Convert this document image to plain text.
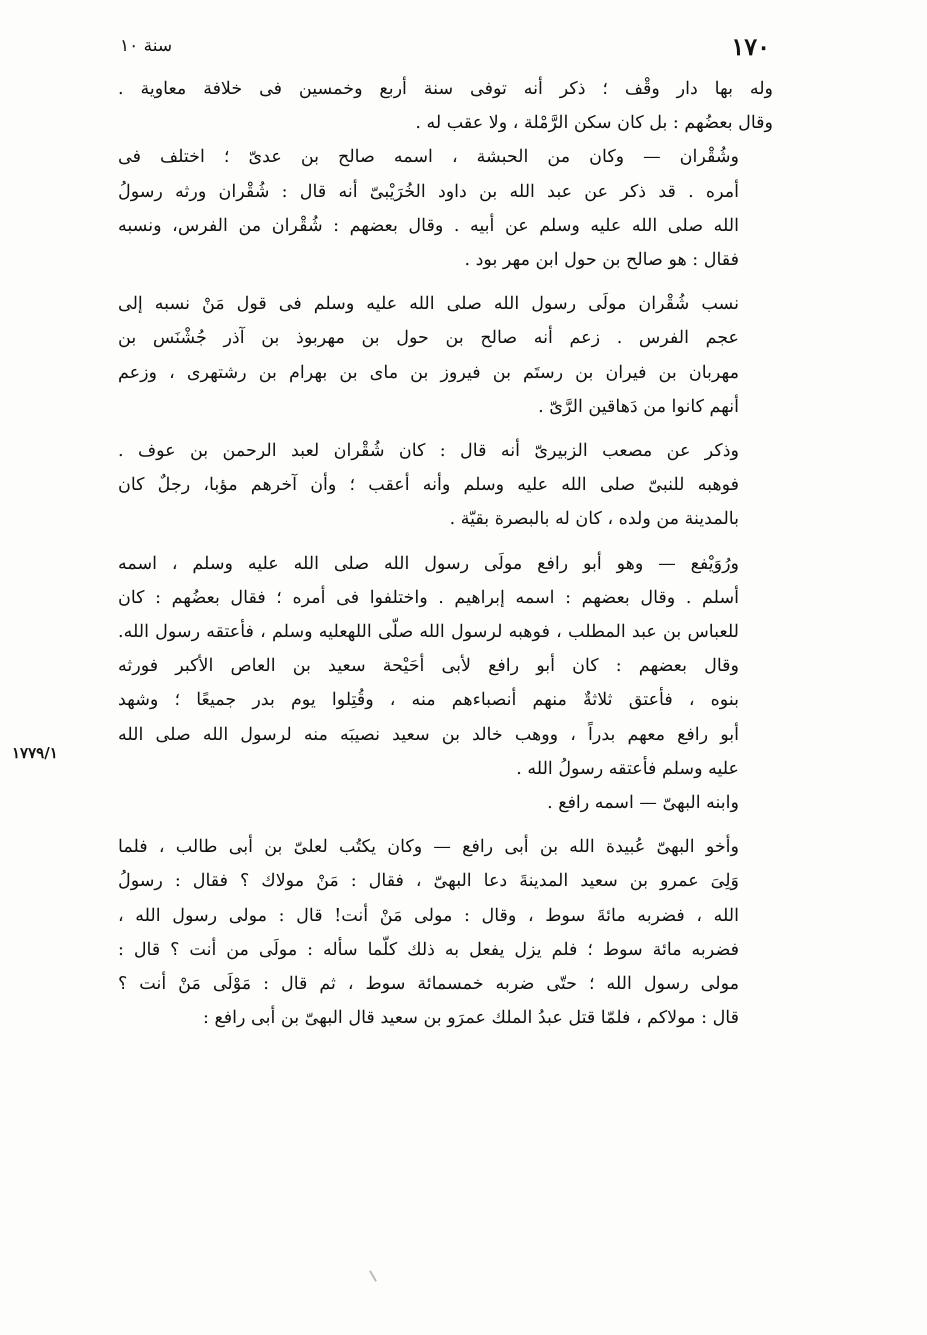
١٧٠
سنة ١٠
١٧٧٩/١
وله بها دار وقْف ؛ ذكر أنه توفى سنة أربع وخمسين فى خلافة معاوية .
وقال بعضُهم : بل كان سكن الرَّمْلة ، ولا عقب له .
وشُقْران — وكان من الحبشة ، اسمه صالح بن عدىّ ؛ اختلف فى
أمره . قد ذكر عن عبد الله بن داود الخُرَيْبىّ أنه قال : شُقْران ورثه رسولُ
الله صلى الله عليه وسلم عن أبيه . وقال بعضهم : شُقْران من الفرس، ونسبه
فقال : هو صالح بن حول ابن مهر بود .
نسب شُقْران مولَى رسول الله صلى الله عليه وسلم فى قول مَنْ نسبه إلى
عجم الفرس . زعم أنه صالح بن حول بن مهربوذ بن آذر جُشْنَس بن
مهربان بن فيران بن رستَم بن فيروز بن ماى بن بهرام بن رشتهرى ، وزعم
أنهم كانوا من دَهاقين الرَّىّ .
وذكر عن مصعب الزبيرىّ أنه قال : كان شُقْران لعبد الرحمن بن عوف .
فوهبه للنبىّ صلى الله عليه وسلم وأنه أعقب ؛ وأن آخرهم مؤبا، رجلٌ كان
بالمدينة من ولده ، كان له بالبصرة بقيّة .
ورُوَيْفع — وهو أبو رافع مولَى رسول الله صلى الله عليه وسلم ، اسمه
أسلم . وقال بعضهم : اسمه إبراهيم . واختلفوا فى أمره ؛ فقال بعضُهم : كان
للعباس بن عبد المطلب ، فوهبه لرسول الله صلّى اللهعليه وسلم ، فأعتقه رسول الله.
وقال بعضهم : كان أبو رافع لأبى أحَيْحة سعيد بن العاص الأكبر فورثه
بنوه ، فأعتق ثلاثةٌ منهم أنصباءهم منه ، وقُتِلوا يوم بدر جميعًا ؛ وشهد
أبو رافع معهم بدراً ، ووهب خالد بن سعيد نصيبَه منه لرسول الله صلى الله
عليه وسلم فأعتقه رسولُ الله .
وابنه البهىّ — اسمه رافع .
وأخو البهىّ عُبيدة الله بن أبى رافع — وكان يكتُب لعلىّ بن أبى طالب ، فلما
وَلِىَ عمرو بن سعيد المدينةَ دعا البهىّ ، فقال : مَنْ مولاك ؟ فقال : رسولُ
الله ، فضربه مائةَ سوط ، وقال : مولى مَنْ أنت! قال : مولى رسول الله ،
فضربه مائة سوط ؛ فلم يزل يفعل به ذلك كلّما سأله : مولَى من أنت ؟ قال :
مولى رسول الله ؛ حتّى ضربه خمسمائة سوط ، ثم قال : مَوْلَى مَنْ أنت ؟
قال : مولاكم ، فلمّا قتل عبدُ الملك عمرَو بن سعيد قال البهىّ بن أبى رافع :
